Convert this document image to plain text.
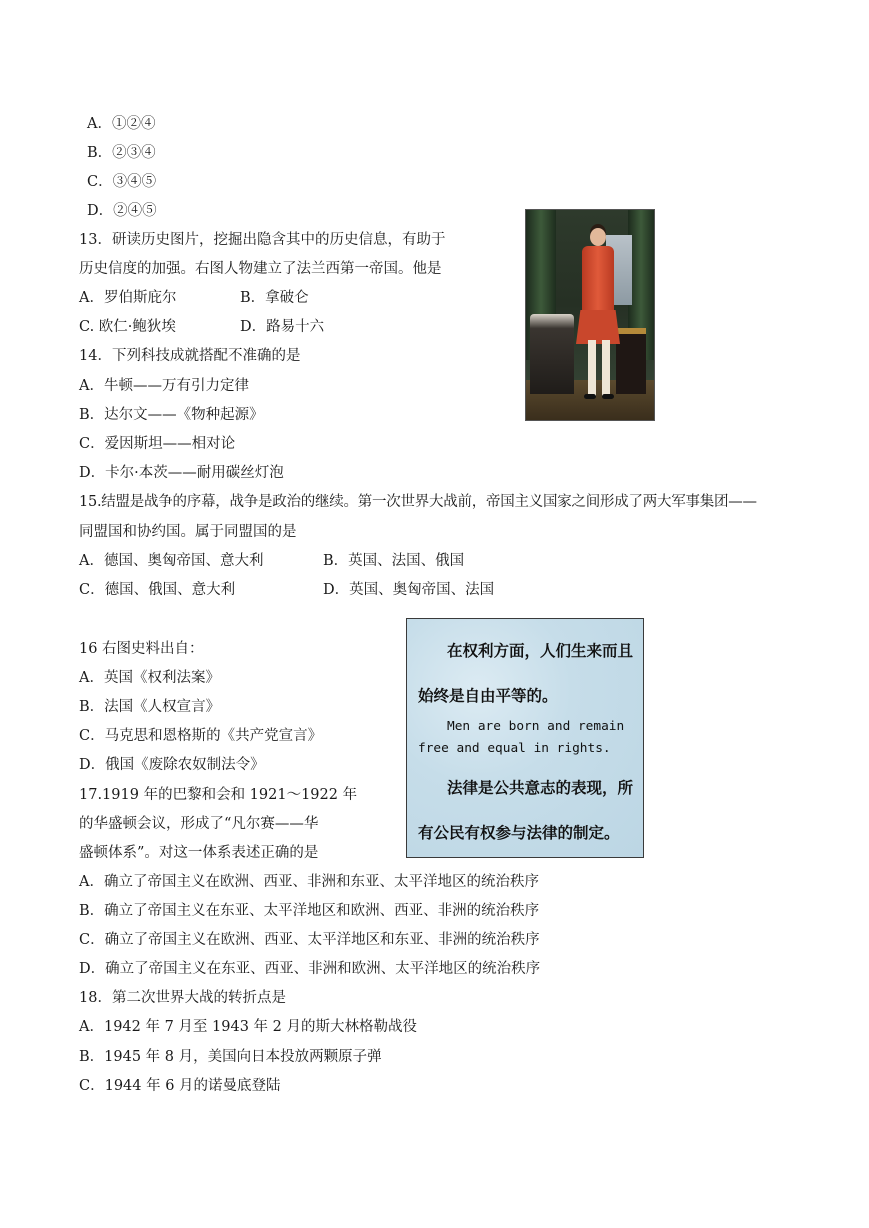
A．①②④
B．②③④
C．③④⑤
D．②④⑤
13．研读历史图片，挖掘出隐含其中的历史信息，有助于
历史信度的加强。右图人物建立了法兰西第一帝国。他是
A．罗伯斯庇尔	B．拿破仑
C. 欧仁·鲍狄埃	D．路易十六
14．下列科技成就搭配不准确的是
A．牛顿——万有引力定律
B．达尔文——《物种起源》
C．爱因斯坦——相对论
D．卡尔·本茨——耐用碳丝灯泡
15.结盟是战争的序幕，战争是政治的继续。第一次世界大战前，帝国主义国家之间形成了两大军事集团——
同盟国和协约国。属于同盟国的是
A．德国、奥匈帝国、意大利	B．英国、法国、俄国
C．德国、俄国、意大利	D．英国、奥匈帝国、法国
16 右图史料出自：
A．英国《权利法案》
B．法国《人权宣言》
C．马克思和恩格斯的《共产党宣言》
D．俄国《废除农奴制法令》
在权利方面，人们生来而且
始终是自由平等的。
Men are born and remain
free and equal in rights.
法律是公共意志的表现，所
有公民有权参与法律的制定。
17.1919 年的巴黎和会和 1921～1922 年
的华盛顿会议，形成了“凡尔赛——华
盛顿体系”。对这一体系表述正确的是
A．确立了帝国主义在欧洲、西亚、非洲和东亚、太平洋地区的统治秩序
B．确立了帝国主义在东亚、太平洋地区和欧洲、西亚、非洲的统治秩序
C．确立了帝国主义在欧洲、西亚、太平洋地区和东亚、非洲的统治秩序
D．确立了帝国主义在东亚、西亚、非洲和欧洲、太平洋地区的统治秩序
18．第二次世界大战的转折点是
A．1942 年 7 月至 1943 年 2 月的斯大林格勒战役
B．1945 年 8 月，美国向日本投放两颗原子弹
C．1944 年 6 月的诺曼底登陆
